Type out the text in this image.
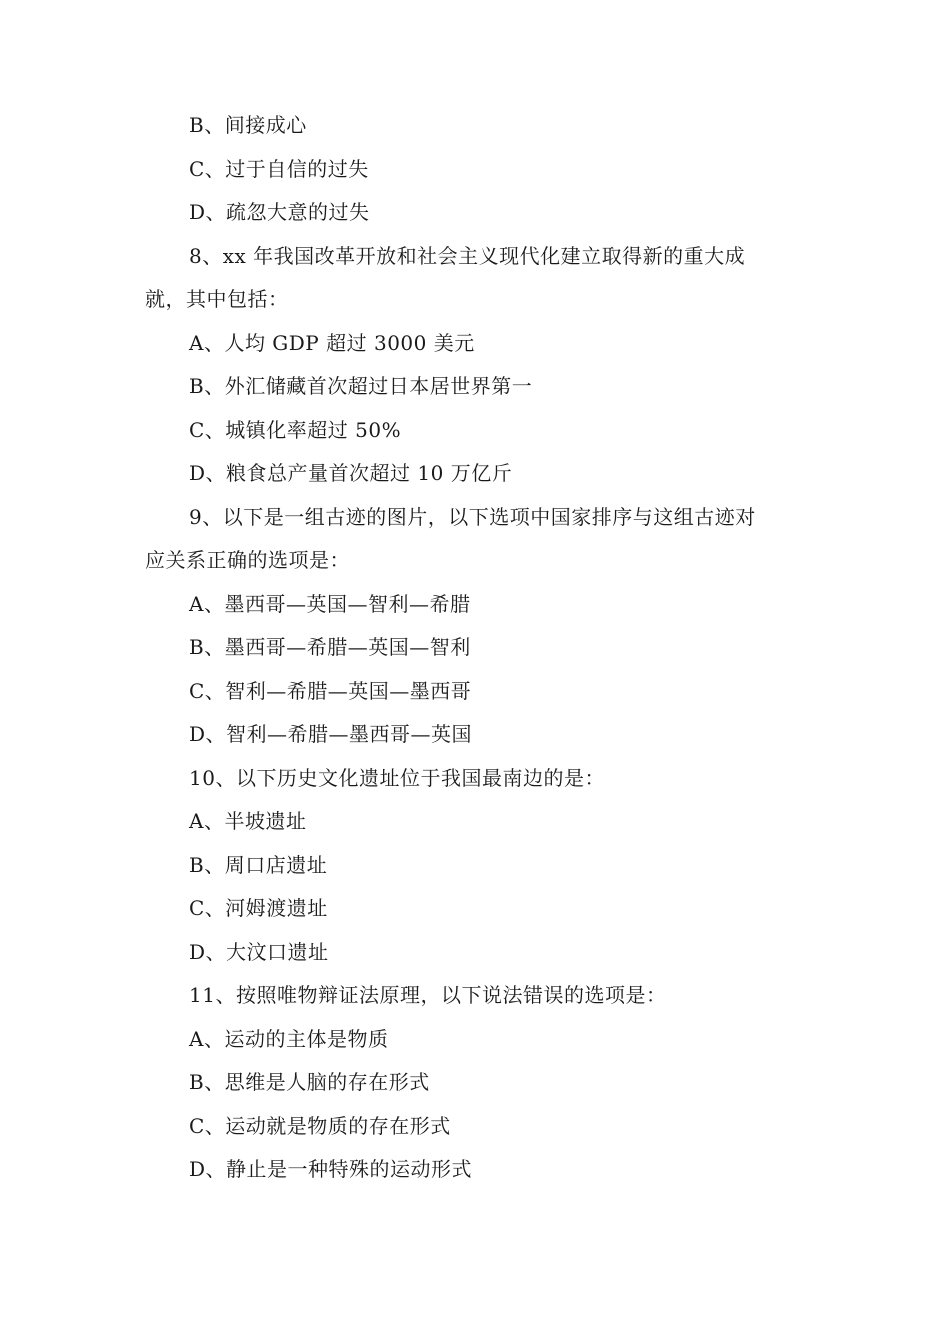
B、间接成心
C、过于自信的过失
D、疏忽大意的过失
8、xx 年我国改革开放和社会主义现代化建立取得新的重大成
就，其中包括：
A、人均 GDP 超过 3000 美元
B、外汇储藏首次超过日本居世界第一
C、城镇化率超过 50%
D、粮食总产量首次超过 10 万亿斤
9、以下是一组古迹的图片，以下选项中国家排序与这组古迹对
应关系正确的选项是：
A、墨西哥—英国—智利—希腊
B、墨西哥—希腊—英国—智利
C、智利—希腊—英国—墨西哥
D、智利—希腊—墨西哥—英国
10、以下历史文化遗址位于我国最南边的是：
A、半坡遗址
B、周口店遗址
C、河姆渡遗址
D、大汶口遗址
11、按照唯物辩证法原理，以下说法错误的选项是：
A、运动的主体是物质
B、思维是人脑的存在形式
C、运动就是物质的存在形式
D、静止是一种特殊的运动形式
